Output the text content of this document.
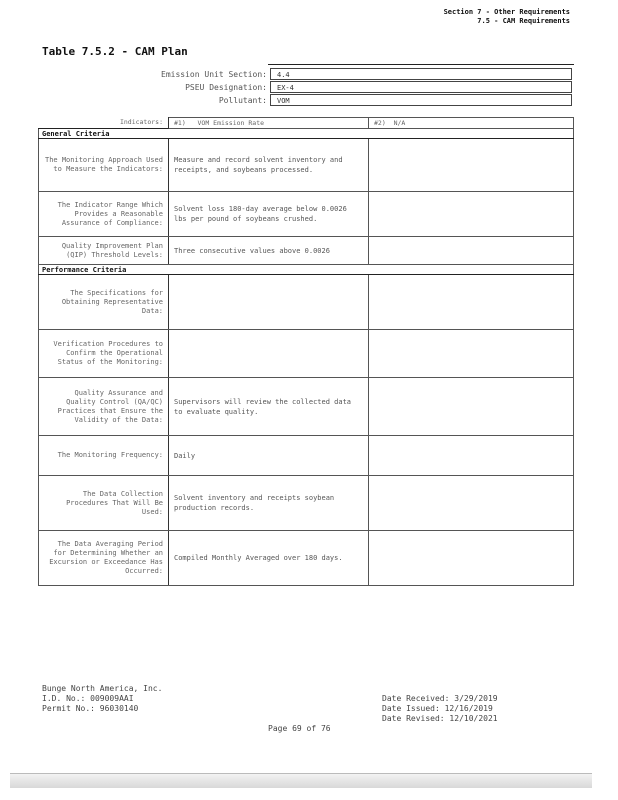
Section 7 - Other Requirements
7.5 - CAM Requirements
Table 7.5.2 - CAM Plan
Emission Unit Section:	4.4
PSEU Designation:	EX-4
Pollutant:	VOM
Indicators:	#1) VOM Emission Rate	#2) N/A
General Criteria		
The Monitoring Approach Used to Measure the Indicators:	Measure and record solvent inventory and receipts, and soybeans processed.	
The Indicator Range Which Provides a Reasonable Assurance of Compliance:	Solvent loss 180-day average below 0.0026 lbs per pound of soybeans crushed.	
Quality Improvement Plan (QIP) Threshold Levels:	Three consecutive values above 0.0026	
Performance Criteria		
The Specifications for Obtaining Representative Data:		
Verification Procedures to Confirm the Operational Status of the Monitoring:		
Quality Assurance and Quality Control (QA/QC) Practices that Ensure the Validity of the Data:	Supervisors will review the collected data to evaluate quality.	
The Monitoring Frequency:	Daily	
The Data Collection Procedures That Will Be Used:	Solvent inventory and receipts soybean production records.	
The Data Averaging Period for Determining Whether an Excursion or Exceedance Has Occurred:	Compiled Monthly Averaged over 180 days.	
Bunge North America, Inc.
I.D. No.: 009009AAI
Permit No.: 96030140
Date Received: 3/29/2019
Date Issued: 12/16/2019
Date Revised: 12/10/2021
Page 69 of 76
